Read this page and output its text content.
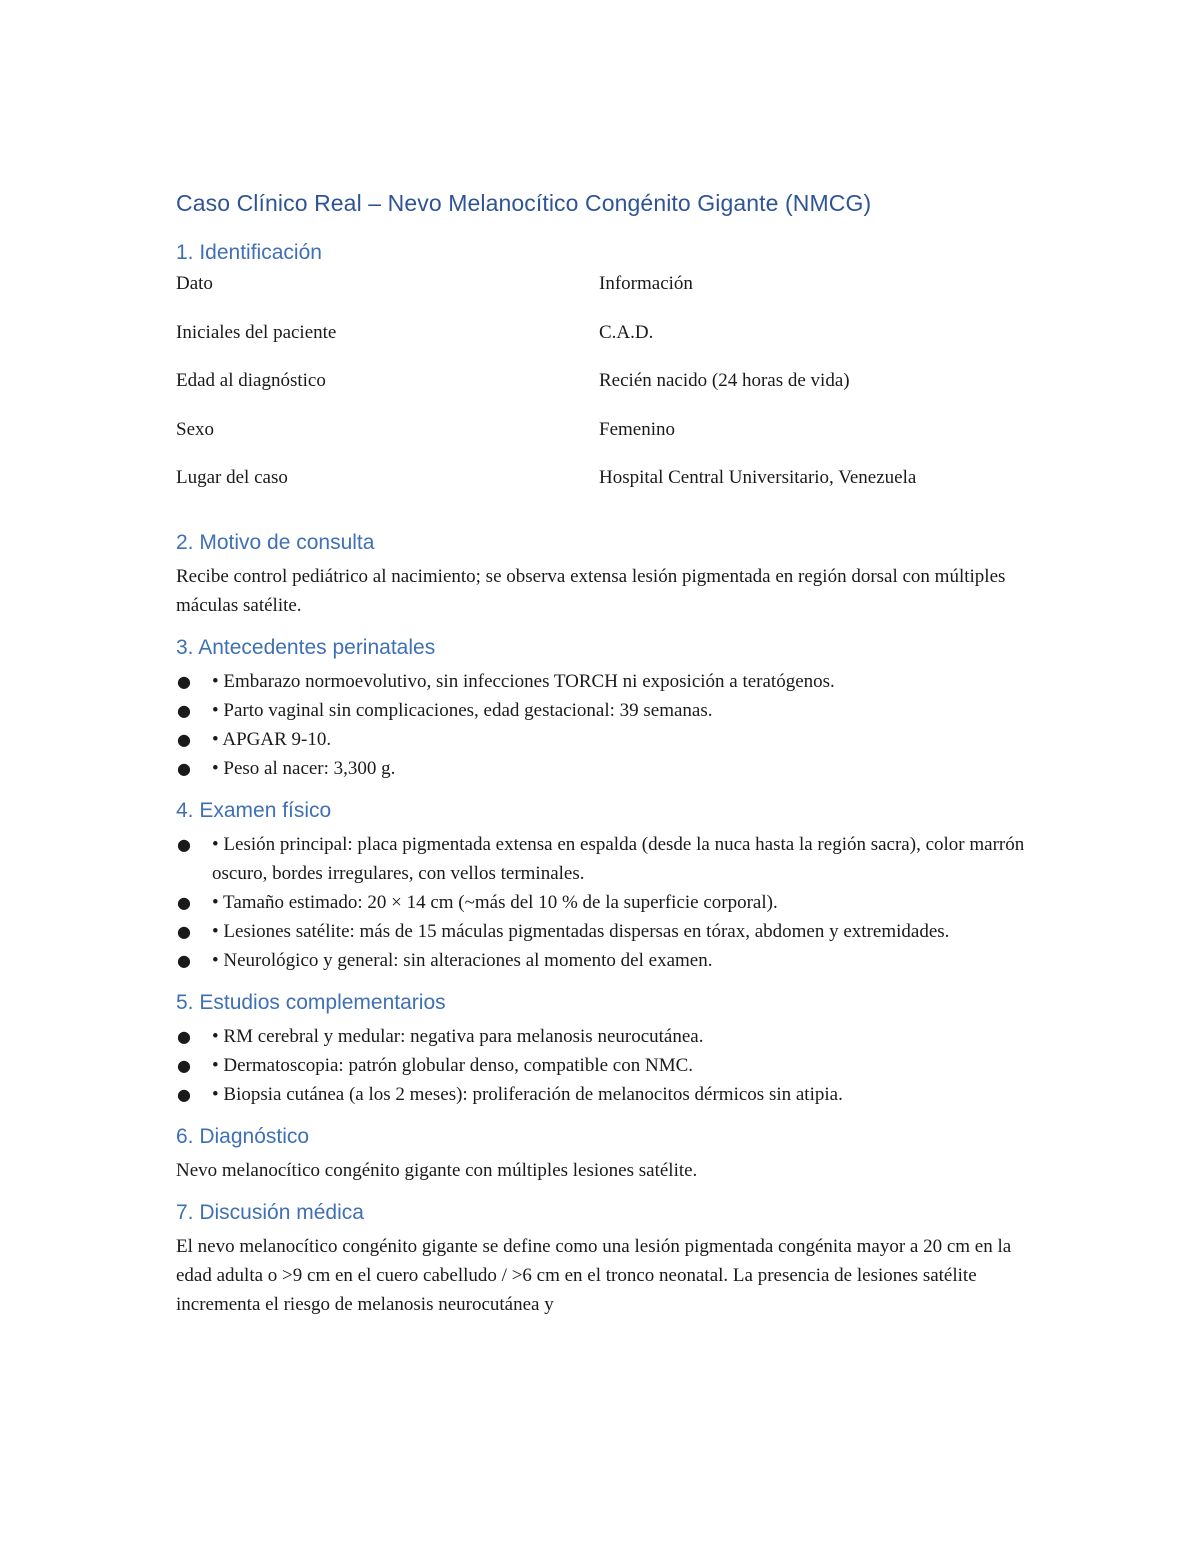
Caso Clínico Real – Nevo Melanocítico Congénito Gigante (NMCG)
1. Identificación
Dato	Información
Iniciales del paciente	C.A.D.
Edad al diagnóstico	Recién nacido (24 horas de vida)
Sexo	Femenino
Lugar del caso	Hospital Central Universitario, Venezuela
2. Motivo de consulta

Recibe control pediátrico al nacimiento; se observa extensa lesión pigmentada en región dorsal con múltiples máculas satélite.

3. Antecedentes perinatales
● • Embarazo normoevolutivo, sin infecciones TORCH ni exposición a teratógenos.
● • Parto vaginal sin complicaciones, edad gestacional: 39 semanas.
● • APGAR 9-10.
● • Peso al nacer: 3,300 g.
4. Examen físico
● • Lesión principal: placa pigmentada extensa en espalda (desde la nuca hasta la región sacra), color marrón oscuro, bordes irregulares, con vellos terminales.
● • Tamaño estimado: 20 × 14 cm (~más del 10 % de la superficie corporal).
● • Lesiones satélite: más de 15 máculas pigmentadas dispersas en tórax, abdomen y extremidades.
● • Neurológico y general: sin alteraciones al momento del examen.
5. Estudios complementarios
● • RM cerebral y medular: negativa para melanosis neurocutánea.
● • Dermatoscopia: patrón globular denso, compatible con NMC.
● • Biopsia cutánea (a los 2 meses): proliferación de melanocitos dérmicos sin atipia.
6. Diagnóstico

Nevo melanocítico congénito gigante con múltiples lesiones satélite.

7. Discusión médica

El nevo melanocítico congénito gigante se define como una lesión pigmentada congénita mayor a 20 cm en la edad adulta o >9 cm en el cuero cabelludo / >6 cm en el tronco neonatal. La presencia de lesiones satélite incrementa el riesgo de melanosis neurocutánea y
